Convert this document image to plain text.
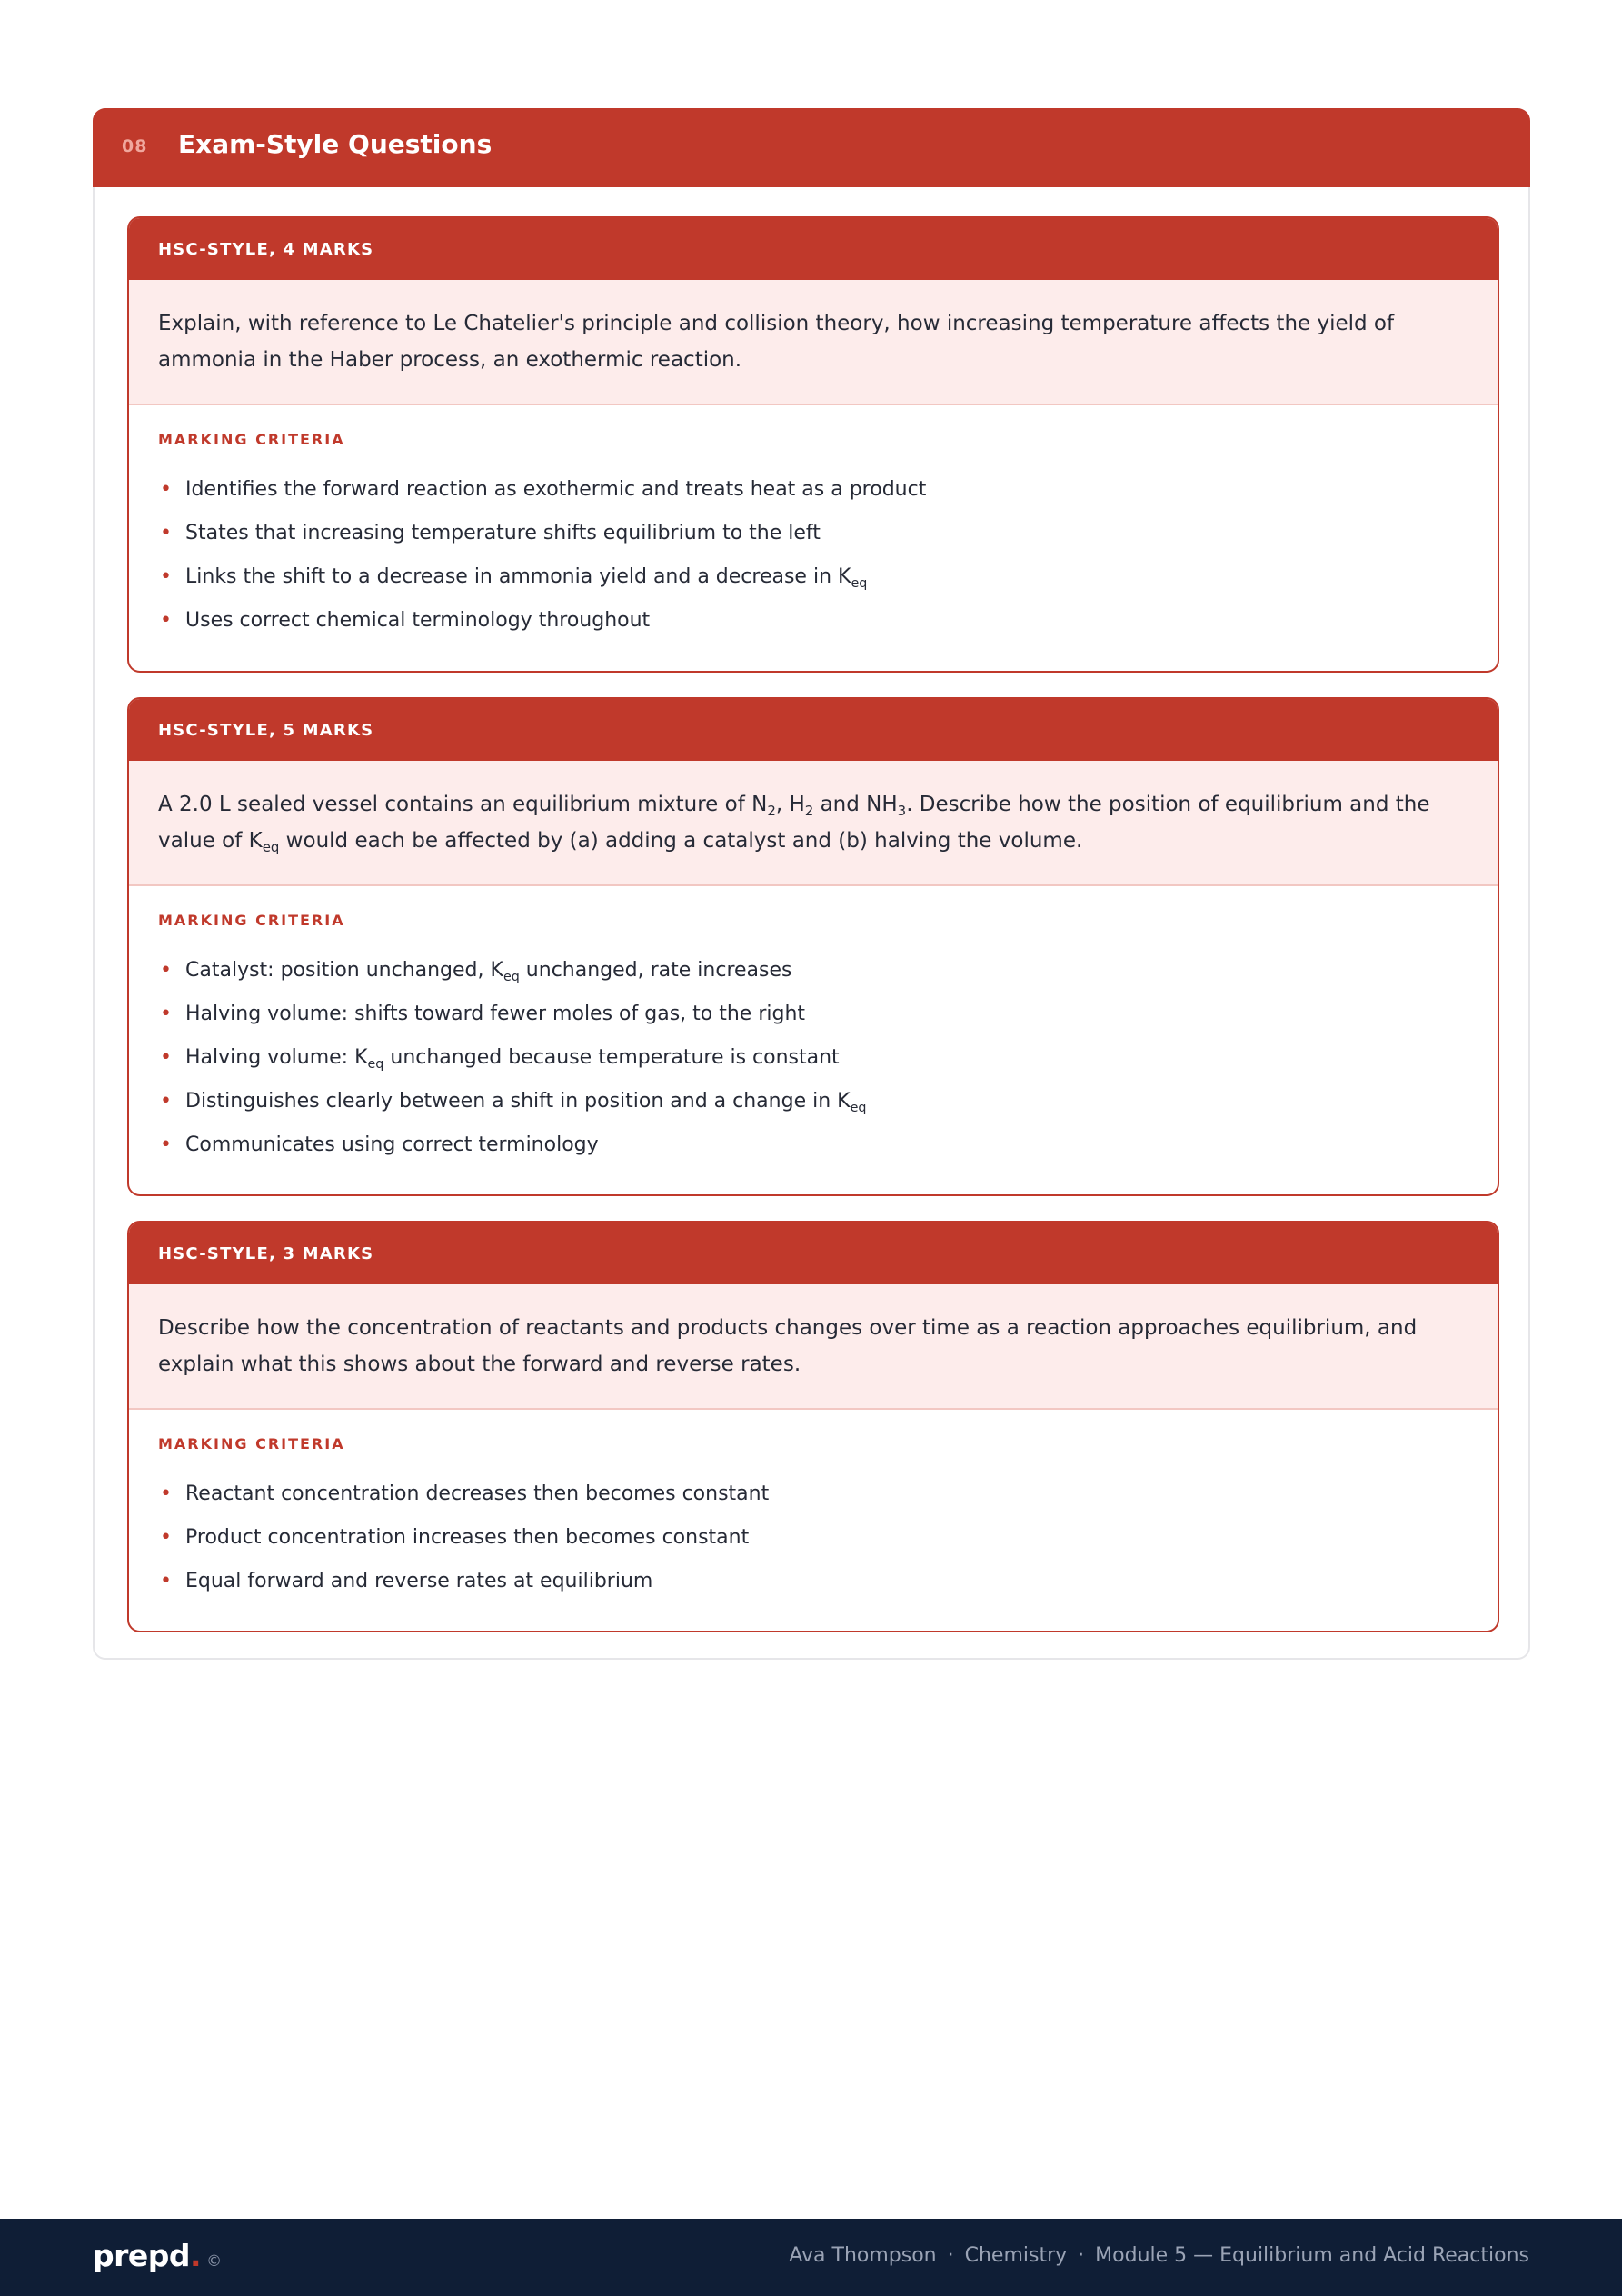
08 Exam-Style Questions
HSC-STYLE, 4 MARKS
Explain, with reference to Le Chatelier's principle and collision theory, how increasing temperature affects the yield of ammonia in the Haber process, an exothermic reaction.
MARKING CRITERIA
• Identifies the forward reaction as exothermic and treats heat as a product
• States that increasing temperature shifts equilibrium to the left
• Links the shift to a decrease in ammonia yield and a decrease in $K_{eq}$
• Uses correct chemical terminology throughout
HSC-STYLE, 5 MARKS
A 2.0 L sealed vessel contains an equilibrium mixture of $N_2$, $H_2$ and $NH_3$. Describe how the position of equilibrium and the value of $K_{eq}$ would each be affected by (a) adding a catalyst and (b) halving the volume.
MARKING CRITERIA
• Catalyst: position unchanged, $K_{eq}$ unchanged, rate increases
• Halving volume: shifts toward fewer moles of gas, to the right
• Halving volume: $K_{eq}$ unchanged because temperature is constant
• Distinguishes clearly between a shift in position and a change in $K_{eq}$
• Communicates using correct terminology
HSC-STYLE, 3 MARKS
Describe how the concentration of reactants and products changes over time as a reaction approaches equilibrium, and explain what this shows about the forward and reverse rates.
MARKING CRITERIA
• Reactant concentration decreases then becomes constant
• Product concentration increases then becomes constant
• Equal forward and reverse rates at equilibrium
prepd. ©	Ava Thompson · Chemistry · Module 5 — Equilibrium and Acid Reactions
